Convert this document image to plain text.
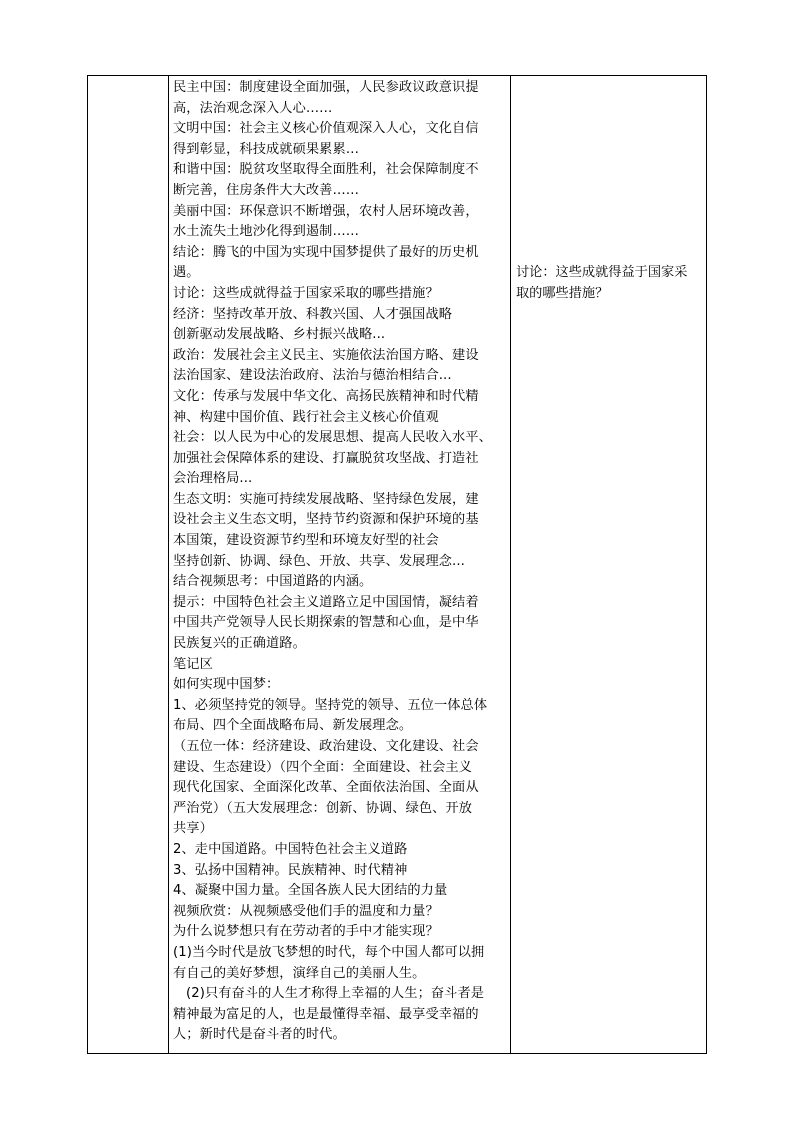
民主中国：制度建设全面加强，人民参政议政意识提
高，法治观念深入人心……
文明中国：社会主义核心价值观深入人心，文化自信
得到彰显，科技成就硕果累累…
和谐中国：脱贫攻坚取得全面胜利，社会保障制度不
断完善，住房条件大大改善……
美丽中国：环保意识不断增强，农村人居环境改善，
水土流失土地沙化得到遏制……
结论：腾飞的中国为实现中国梦提供了最好的历史机
遇。
讨论：这些成就得益于国家采取的哪些措施？
经济：坚持改革开放、科教兴国、人才强国战略
创新驱动发展战略、乡村振兴战略...
政治：发展社会主义民主、实施依法治国方略、建设
法治国家、建设法治政府、法治与德治相结合...
文化：传承与发展中华文化、高扬民族精神和时代精
神、构建中国价值、践行社会主义核心价值观
社会：以人民为中心的发展思想、提高人民收入水平、
加强社会保障体系的建设、打赢脱贫攻坚战、打造社
会治理格局...
生态文明：实施可持续发展战略、坚持绿色发展，建
设社会主义生态文明，坚持节约资源和保护环境的基
本国策，建设资源节约型和环境友好型的社会
坚持创新、协调、绿色、开放、共享、发展理念...
结合视频思考：中国道路的内涵。
提示：中国特色社会主义道路立足中国国情，凝结着
中国共产党领导人民长期探索的智慧和心血，是中华
民族复兴的正确道路。
笔记区
如何实现中国梦：
1、必须坚持党的领导。坚持党的领导、五位一体总体
布局、四个全面战略布局、新发展理念。
（五位一体：经济建设、政治建设、文化建设、社会
建设、生态建设）（四个全面：全面建设、社会主义
现代化国家、全面深化改革、全面依法治国、全面从
严治党）（五大发展理念：创新、协调、绿色、开放
共享）
2、走中国道路。中国特色社会主义道路
3、弘扬中国精神。民族精神、时代精神
4、凝聚中国力量。全国各族人民大团结的力量
视频欣赏：从视频感受他们手的温度和力量？
为什么说梦想只有在劳动者的手中才能实现？
(1)当今时代是放飞梦想的时代，每个中国人都可以拥
有自己的美好梦想，演绎自己的美丽人生。
(2)只有奋斗的人生才称得上幸福的人生；奋斗者是
精神最为富足的人，也是最懂得幸福、最享受幸福的
人；新时代是奋斗者的时代。
讨论：这些成就得益于国家采
取的哪些措施？
